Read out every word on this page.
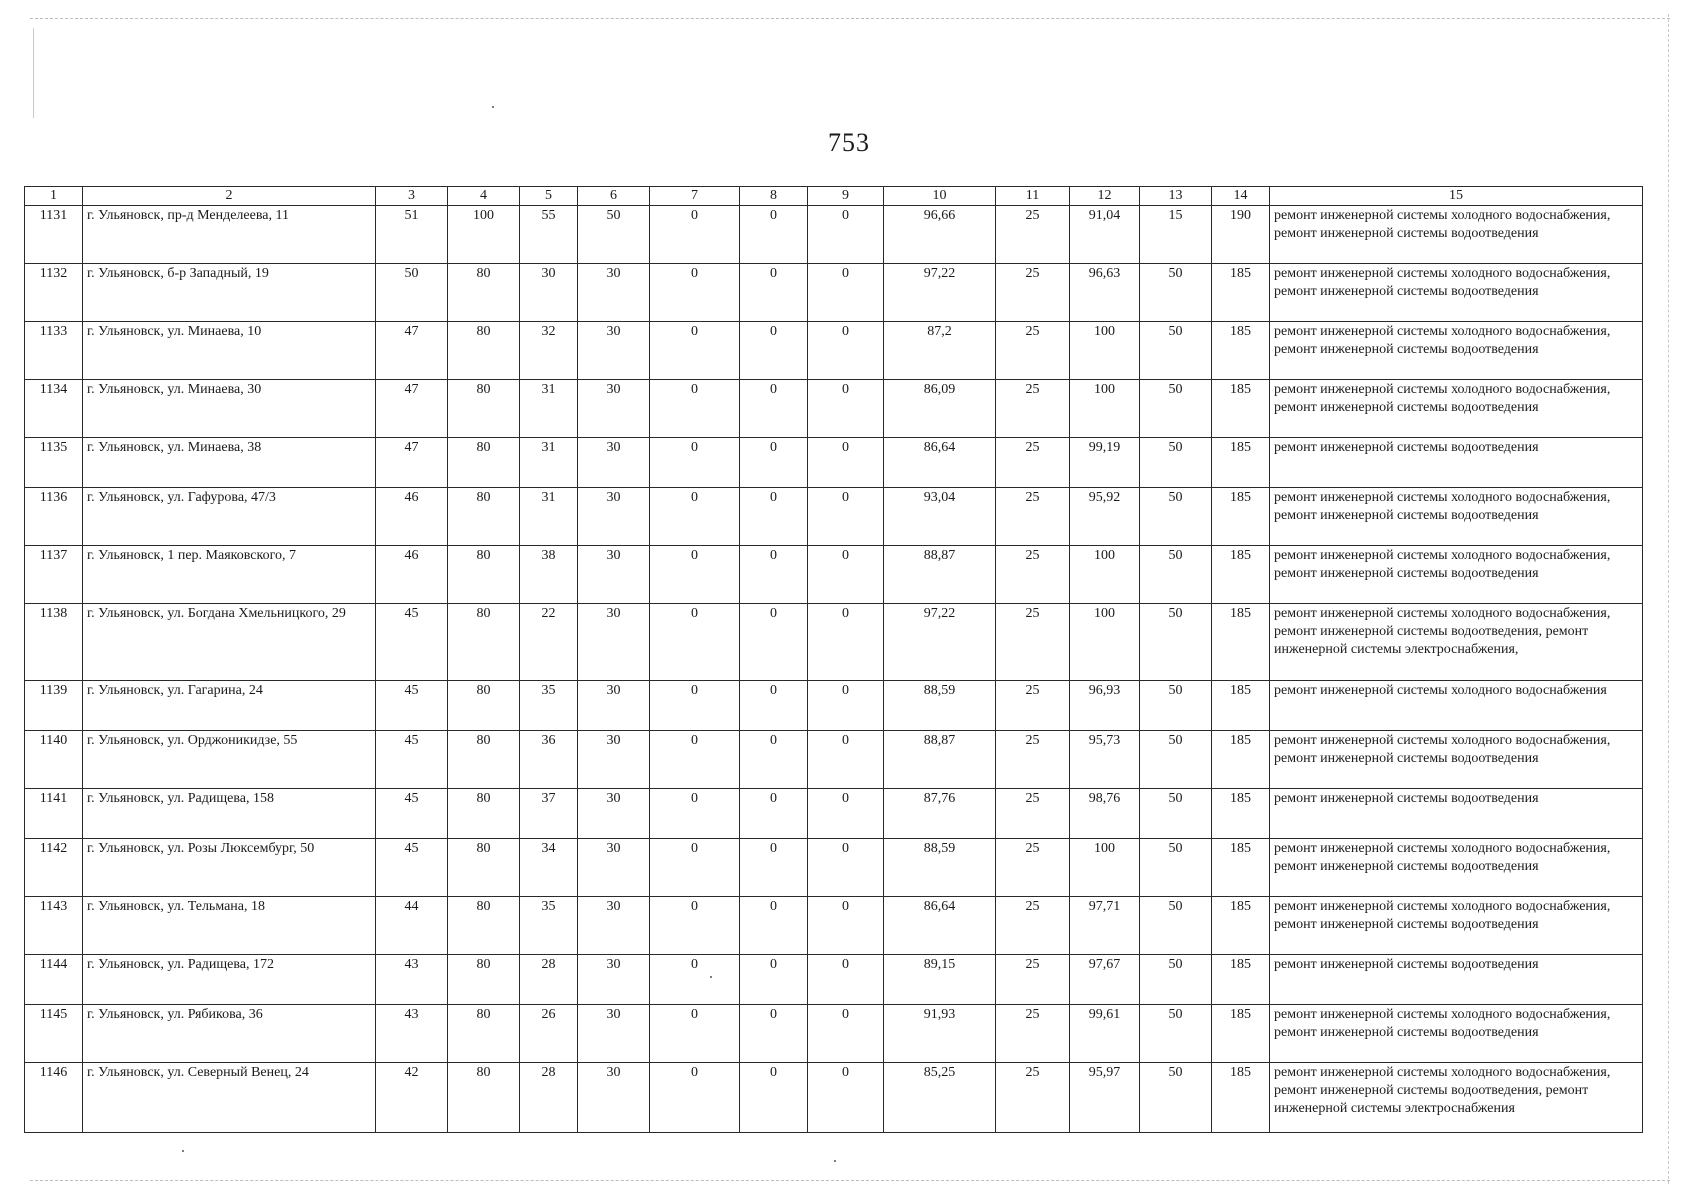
753
1	2	3	4	5	6	7	8	9	10	11	12	13	14	15
1131	г. Ульяновск, пр-д Менделеева, 11	51	100	55	50	0	0	0	96,66	25	91,04	15	190	ремонт инженерной системы холодного водоснабжения, ремонт инженерной системы водоотведения
1132	г. Ульяновск, б-р Западный, 19	50	80	30	30	0	0	0	97,22	25	96,63	50	185	ремонт инженерной системы холодного водоснабжения, ремонт инженерной системы водоотведения
1133	г. Ульяновск, ул. Минаева, 10	47	80	32	30	0	0	0	87,2	25	100	50	185	ремонт инженерной системы холодного водоснабжения, ремонт инженерной системы водоотведения
1134	г. Ульяновск, ул. Минаева, 30	47	80	31	30	0	0	0	86,09	25	100	50	185	ремонт инженерной системы холодного водоснабжения, ремонт инженерной системы водоотведения
1135	г. Ульяновск, ул. Минаева, 38	47	80	31	30	0	0	0	86,64	25	99,19	50	185	ремонт инженерной системы водоотведения
1136	г. Ульяновск, ул. Гафурова, 47/3	46	80	31	30	0	0	0	93,04	25	95,92	50	185	ремонт инженерной системы холодного водоснабжения, ремонт инженерной системы водоотведения
1137	г. Ульяновск, 1 пер. Маяковского, 7	46	80	38	30	0	0	0	88,87	25	100	50	185	ремонт инженерной системы холодного водоснабжения, ремонт инженерной системы водоотведения
1138	г. Ульяновск, ул. Богдана Хмельницкого, 29	45	80	22	30	0	0	0	97,22	25	100	50	185	ремонт инженерной системы холодного водоснабжения, ремонт инженерной системы водоотведения, ремонт инженерной системы электроснабжения,
1139	г. Ульяновск, ул. Гагарина, 24	45	80	35	30	0	0	0	88,59	25	96,93	50	185	ремонт инженерной системы холодного водоснабжения
1140	г. Ульяновск, ул. Орджоникидзе, 55	45	80	36	30	0	0	0	88,87	25	95,73	50	185	ремонт инженерной системы холодного водоснабжения, ремонт инженерной системы водоотведения
1141	г. Ульяновск, ул. Радищева, 158	45	80	37	30	0	0	0	87,76	25	98,76	50	185	ремонт инженерной системы водоотведения
1142	г. Ульяновск, ул. Розы Люксембург, 50	45	80	34	30	0	0	0	88,59	25	100	50	185	ремонт инженерной системы холодного водоснабжения, ремонт инженерной системы водоотведения
1143	г. Ульяновск, ул. Тельмана, 18	44	80	35	30	0	0	0	86,64	25	97,71	50	185	ремонт инженерной системы холодного водоснабжения, ремонт инженерной системы водоотведения
1144	г. Ульяновск, ул. Радищева, 172	43	80	28	30	0	0	0	89,15	25	97,67	50	185	ремонт инженерной системы водоотведения
1145	г. Ульяновск, ул. Рябикова, 36	43	80	26	30	0	0	0	91,93	25	99,61	50	185	ремонт инженерной системы холодного водоснабжения, ремонт инженерной системы водоотведения
1146	г. Ульяновск, ул. Северный Венец, 24	42	80	28	30	0	0	0	85,25	25	95,97	50	185	ремонт инженерной системы холодного водоснабжения, ремонт инженерной системы водоотведения, ремонт инженерной системы электроснабжения
